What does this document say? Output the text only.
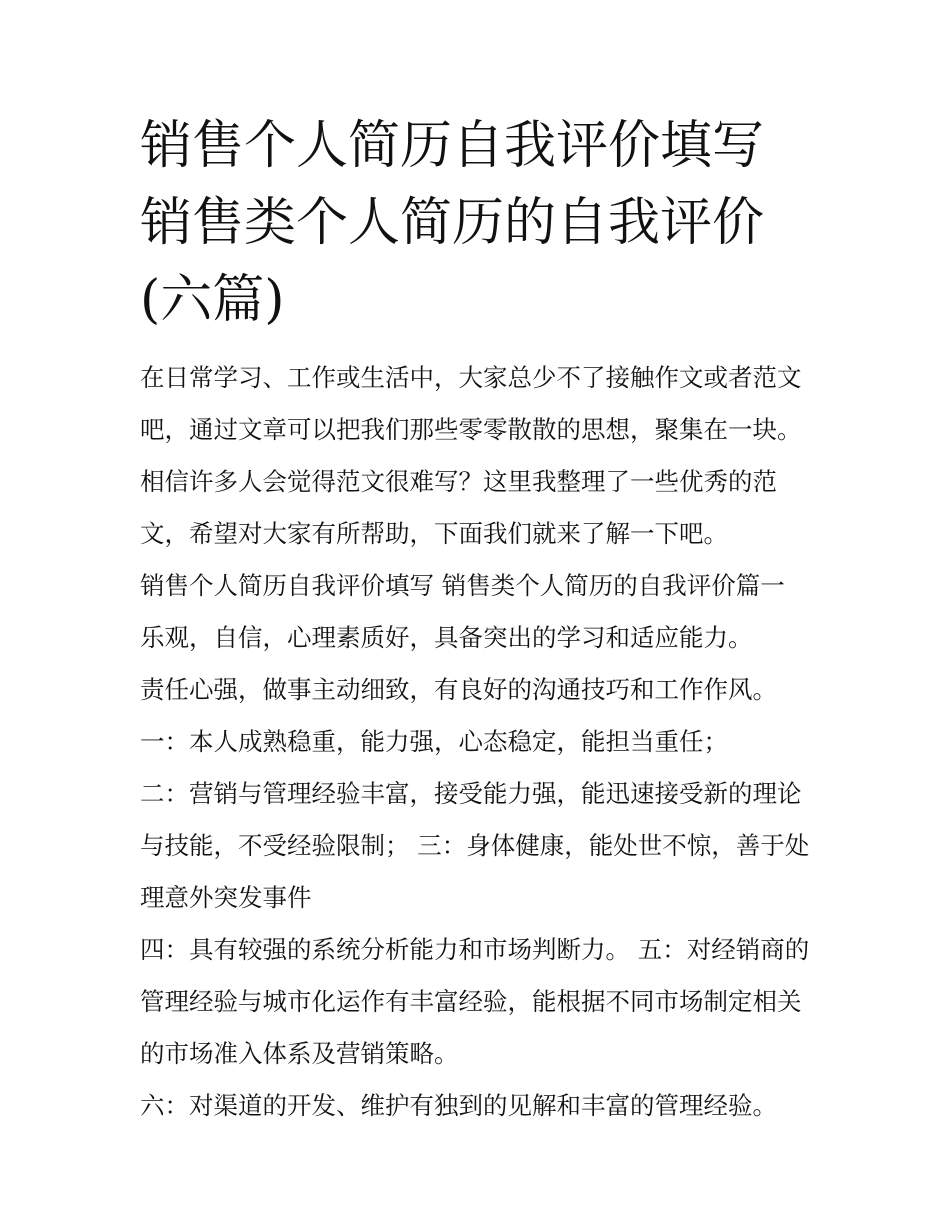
销售个人简历自我评价填写 销售类个人简历的自我评价(六篇)

在日常学习、工作或生活中，大家总少不了接触作文或者范文吧，通过文章可以把我们那些零零散散的思想，聚集在一块。相信许多人会觉得范文很难写？这里我整理了一些优秀的范文，希望对大家有所帮助，下面我们就来了解一下吧。

销售个人简历自我评价填写 销售类个人简历的自我评价篇一

乐观，自信，心理素质好，具备突出的学习和适应能力。

责任心强，做事主动细致，有良好的沟通技巧和工作作风。

一：本人成熟稳重，能力强，心态稳定，能担当重任；

二：营销与管理经验丰富，接受能力强，能迅速接受新的理论与技能，不受经验限制； 三：身体健康，能处世不惊，善于处理意外突发事件

四：具有较强的系统分析能力和市场判断力。 五：对经销商的管理经验与城市化运作有丰富经验，能根据不同市场制定相关的市场准入体系及营销策略。

六：对渠道的开发、维护有独到的见解和丰富的管理经验。
